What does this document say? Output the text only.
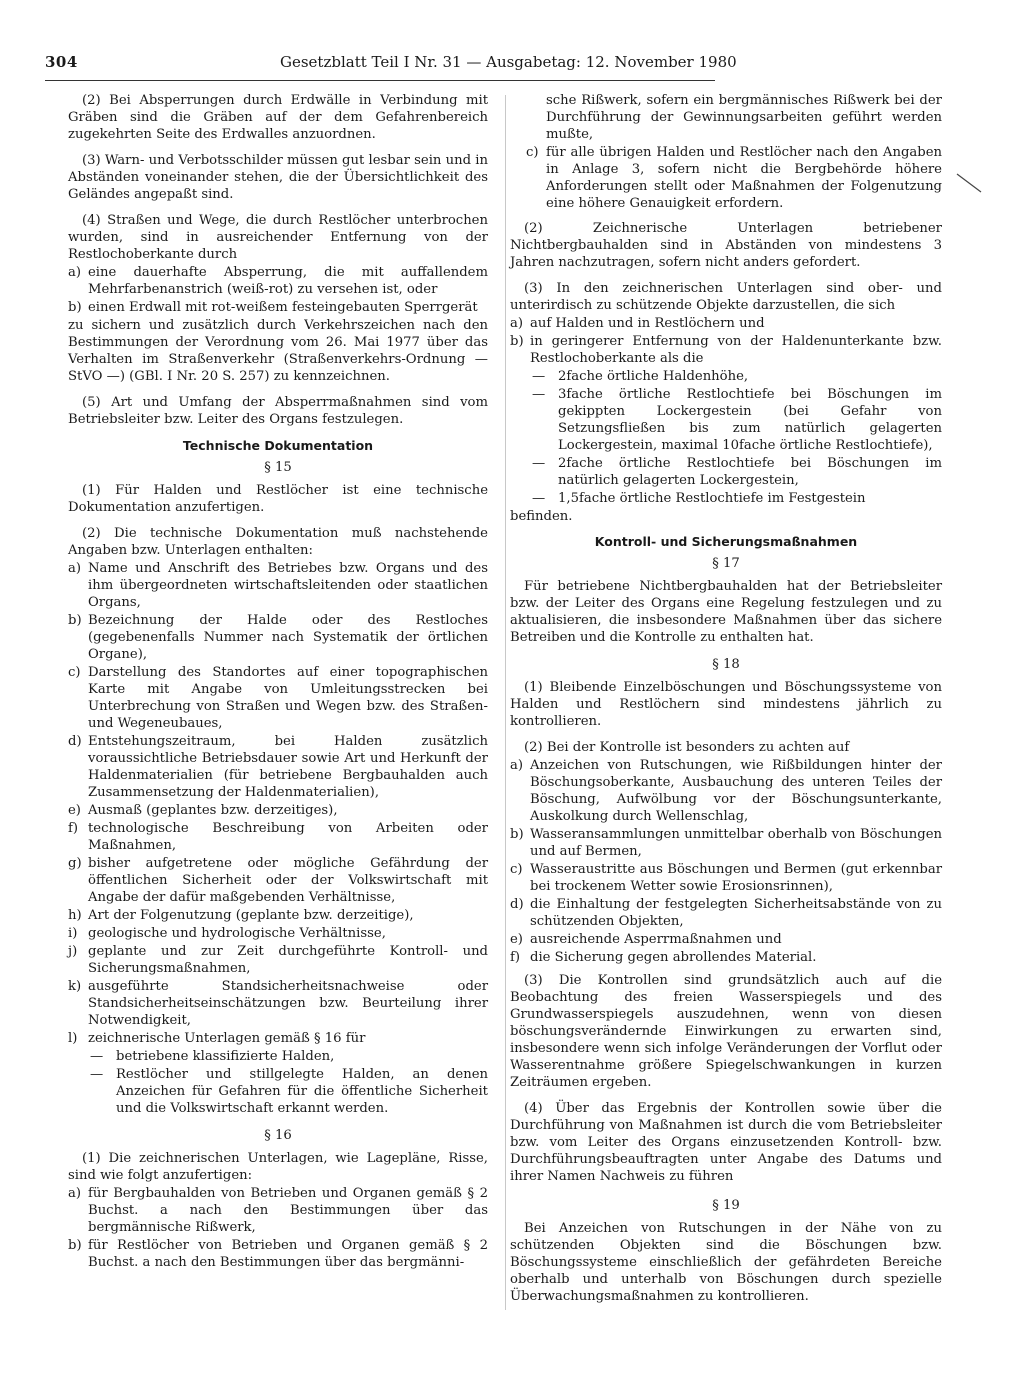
304	Gesetzblatt Teil I Nr. 31 — Ausgabetag: 12. November 1980

(2) Bei Absperrungen durch Erdwälle in Verbindung mit Gräben sind die Gräben auf der dem Gefahrenbereich zugekehrten Seite des Erdwalles anzuordnen.

(3) Warn- und Verbotsschilder müssen gut lesbar sein und in Abständen voneinander stehen, die der Übersichtlichkeit des Geländes angepaßt sind.

(4) Straßen und Wege, die durch Restlöcher unterbrochen wurden, sind in ausreichender Entfernung von der Restlochoberkante durch

a) eine dauerhafte Absperrung, die mit auffallendem Mehrfarbenanstrich (weiß-rot) zu versehen ist, oder
b) einen Erdwall mit rot-weißem festeingebauten Sperrgerät

zu sichern und zusätzlich durch Verkehrszeichen nach den Bestimmungen der Verordnung vom 26. Mai 1977 über das Verhalten im Straßenverkehr (Straßenverkehrs-Ordnung — StVO —) (GBl. I Nr. 20 S. 257) zu kennzeichnen.

(5) Art und Umfang der Absperrmaßnahmen sind vom Betriebsleiter bzw. Leiter des Organs festzulegen.

Technische Dokumentation
§ 15

(1) Für Halden und Restlöcher ist eine technische Dokumentation anzufertigen.

(2) Die technische Dokumentation muß nachstehende Angaben bzw. Unterlagen enthalten:

a) Name und Anschrift des Betriebes bzw. Organs und des ihm übergeordneten wirtschaftsleitenden oder staatlichen Organs,
b) Bezeichnung der Halde oder des Restloches (gegebenenfalls Nummer nach Systematik der örtlichen Organe),
c) Darstellung des Standortes auf einer topographischen Karte mit Angabe von Umleitungsstrecken bei Unterbrechung von Straßen und Wegen bzw. des Straßen- und Wegeneubaues,
d) Entstehungszeitraum, bei Halden zusätzlich voraussichtliche Betriebsdauer sowie Art und Herkunft der Haldenmaterialien (für betriebene Bergbauhalden auch Zusammensetzung der Haldenmaterialien),
e) Ausmaß (geplantes bzw. derzeitiges),
f) technologische Beschreibung von Arbeiten oder Maßnahmen,
g) bisher aufgetretene oder mögliche Gefährdung der öffentlichen Sicherheit oder der Volkswirtschaft mit Angabe der dafür maßgebenden Verhältnisse,
h) Art der Folgenutzung (geplante bzw. derzeitige),
i) geologische und hydrologische Verhältnisse,
j) geplante und zur Zeit durchgeführte Kontroll- und Sicherungsmaßnahmen,
k) ausgeführte Standsicherheitsnachweise oder Standsicherheitseinschätzungen bzw. Beurteilung ihrer Notwendigkeit,
l) zeichnerische Unterlagen gemäß § 16 für
— betriebene klassifizierte Halden,
— Restlöcher und stillgelegte Halden, an denen Anzeichen für Gefahren für die öffentliche Sicherheit und die Volkswirtschaft erkannt werden.
§ 16

(1) Die zeichnerischen Unterlagen, wie Lagepläne, Risse, sind wie folgt anzufertigen:

a) für Bergbauhalden von Betrieben und Organen gemäß § 2 Buchst. a nach den Bestimmungen über das bergmännische Rißwerk,
b) für Restlöcher von Betrieben und Organen gemäß § 2 Buchst. a nach den Bestimmungen über das bergmänni-

sche Rißwerk, sofern ein bergmännisches Rißwerk bei der Durchführung der Gewinnungsarbeiten geführt werden mußte,

c) für alle übrigen Halden und Restlöcher nach den Angaben in Anlage 3, sofern nicht die Bergbehörde höhere Anforderungen stellt oder Maßnahmen der Folgenutzung eine höhere Genauigkeit erfordern.

(2) Zeichnerische Unterlagen betriebener Nichtbergbauhalden sind in Abständen von mindestens 3 Jahren nachzutragen, sofern nicht anders gefordert.

(3) In den zeichnerischen Unterlagen sind ober- und unterirdisch zu schützende Objekte darzustellen, die sich

a) auf Halden und in Restlöchern und
b) in geringerer Entfernung von der Haldenunterkante bzw. Restlochoberkante als die
— 2fache örtliche Haldenhöhe,
— 3fache örtliche Restlochtiefe bei Böschungen im gekippten Lockergestein (bei Gefahr von Setzungsfließen bis zum natürlich gelagerten Lockergestein, maximal 10fache örtliche Restlochtiefe),
— 2fache örtliche Restlochtiefe bei Böschungen im natürlich gelagerten Lockergestein,
— 1,5fache örtliche Restlochtiefe im Festgestein

befinden.

Kontroll- und Sicherungsmaßnahmen
§ 17

Für betriebene Nichtbergbauhalden hat der Betriebsleiter bzw. der Leiter des Organs eine Regelung festzulegen und zu aktualisieren, die insbesondere Maßnahmen über das sichere Betreiben und die Kontrolle zu enthalten hat.

§ 18

(1) Bleibende Einzelböschungen und Böschungssysteme von Halden und Restlöchern sind mindestens jährlich zu kontrollieren.

(2) Bei der Kontrolle ist besonders zu achten auf

a) Anzeichen von Rutschungen, wie Rißbildungen hinter der Böschungsoberkante, Ausbauchung des unteren Teiles der Böschung, Aufwölbung vor der Böschungsunterkante, Auskolkung durch Wellenschlag,
b) Wasseransammlungen unmittelbar oberhalb von Böschungen und auf Bermen,
c) Wasseraustritte aus Böschungen und Bermen (gut erkennbar bei trockenem Wetter sowie Erosionsrinnen),
d) die Einhaltung der festgelegten Sicherheitsabstände von zu schützenden Objekten,
e) ausreichende Asperrmaßnahmen und
f) die Sicherung gegen abrollendes Material.

(3) Die Kontrollen sind grundsätzlich auch auf die Beobachtung des freien Wasserspiegels und des Grundwasserspiegels auszudehnen, wenn von diesen böschungsverändernde Einwirkungen zu erwarten sind, insbesondere wenn sich infolge Veränderungen der Vorflut oder Wasserentnahme größere Spiegelschwankungen in kurzen Zeiträumen ergeben.

(4) Über das Ergebnis der Kontrollen sowie über die Durchführung von Maßnahmen ist durch die vom Betriebsleiter bzw. vom Leiter des Organs einzusetzenden Kontroll- bzw. Durchführungsbeauftragten unter Angabe des Datums und ihrer Namen Nachweis zu führen

§ 19

Bei Anzeichen von Rutschungen in der Nähe von zu schützenden Objekten sind die Böschungen bzw. Böschungssysteme einschließlich der gefährdeten Bereiche oberhalb und unterhalb von Böschungen durch spezielle Überwachungsmaßnahmen zu kontrollieren.
